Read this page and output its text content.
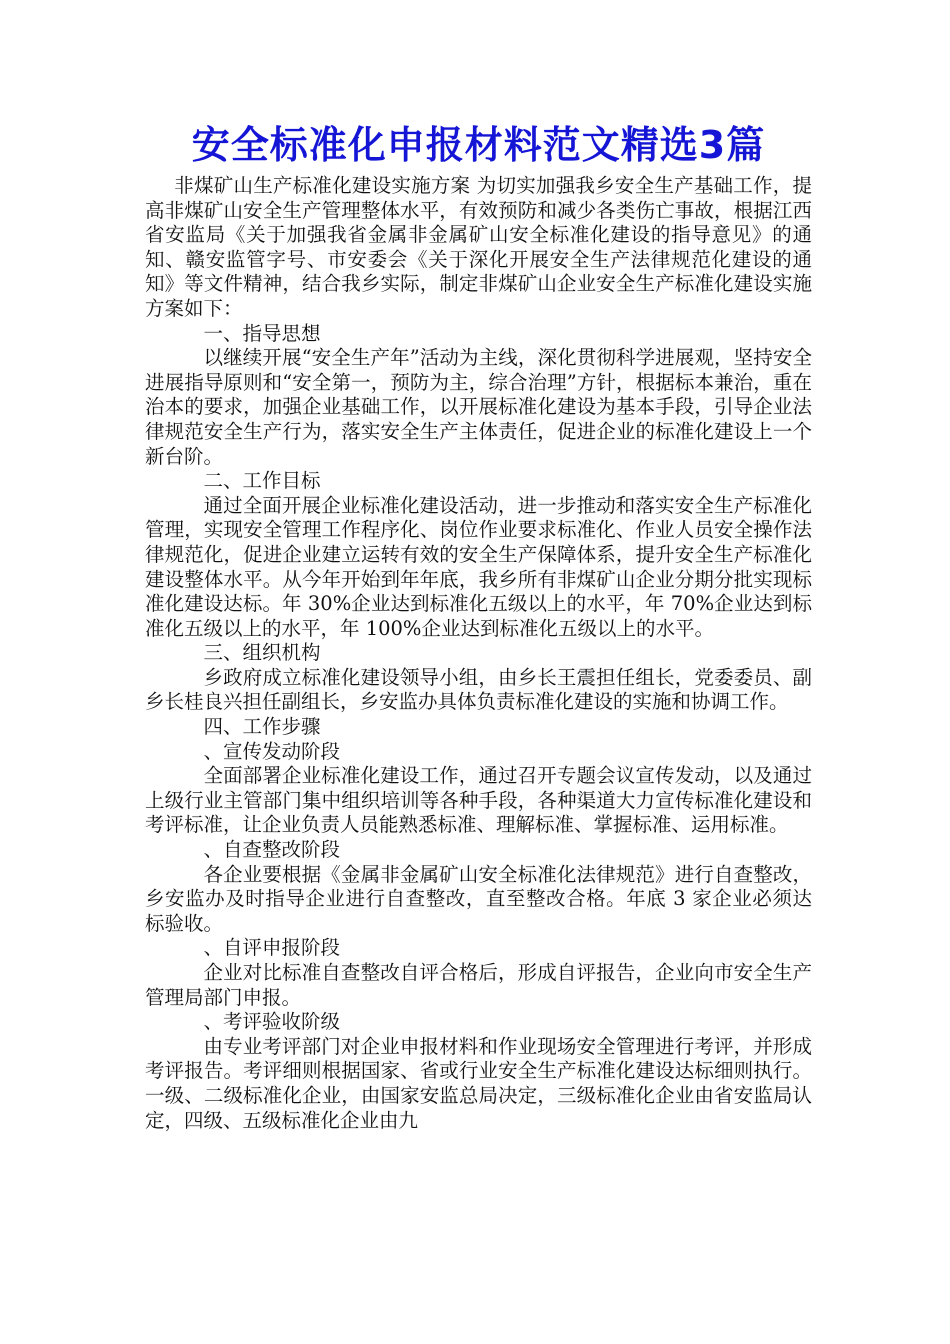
安全标准化申报材料范文精选3篇

非煤矿山生产标准化建设实施方案 为切实加强我乡安全生产基础工作，提高非煤矿山安全生产管理整体水平，有效预防和减少各类伤亡事故，根据江西省安监局《关于加强我省金属非金属矿山安全标准化建设的指导意见》的通知、赣安监管字号、市安委会《关于深化开展安全生产法律规范化建设的通知》等文件精神，结合我乡实际，制定非煤矿山企业安全生产标准化建设实施方案如下：

一、指导思想

以继续开展“安全生产年”活动为主线，深化贯彻科学进展观，坚持安全进展指导原则和“安全第一，预防为主，综合治理”方针，根据标本兼治，重在治本的要求，加强企业基础工作，以开展标准化建设为基本手段，引导企业法律规范安全生产行为，落实安全生产主体责任，促进企业的标准化建设上一个新台阶。

二、工作目标

通过全面开展企业标准化建设活动，进一步推动和落实安全生产标准化管理，实现安全管理工作程序化、岗位作业要求标准化、作业人员安全操作法律规范化，促进企业建立运转有效的安全生产保障体系，提升安全生产标准化建设整体水平。从今年开始到年年底，我乡所有非煤矿山企业分期分批实现标准化建设达标。年 30%企业达到标准化五级以上的水平，年 70%企业达到标准化五级以上的水平，年 100%企业达到标准化五级以上的水平。

三、组织机构

乡政府成立标准化建设领导小组，由乡长王震担任组长，党委委员、副乡长桂良兴担任副组长，乡安监办具体负责标准化建设的实施和协调工作。

四、工作步骤

、宣传发动阶段

全面部署企业标准化建设工作，通过召开专题会议宣传发动，以及通过上级行业主管部门集中组织培训等各种手段，各种渠道大力宣传标准化建设和考评标准，让企业负责人员能熟悉标准、理解标准、掌握标准、运用标准。

、自查整改阶段

各企业要根据《金属非金属矿山安全标准化法律规范》进行自查整改，乡安监办及时指导企业进行自查整改，直至整改合格。年底 3 家企业必须达标验收。

、自评申报阶段

企业对比标准自查整改自评合格后，形成自评报告，企业向市安全生产管理局部门申报。

、考评验收阶级

由专业考评部门对企业申报材料和作业现场安全管理进行考评，并形成考评报告。考评细则根据国家、省或行业安全生产标准化建设达标细则执行。一级、二级标准化企业，由国家安监总局决定，三级标准化企业由省安监局认定，四级、五级标准化企业由九
